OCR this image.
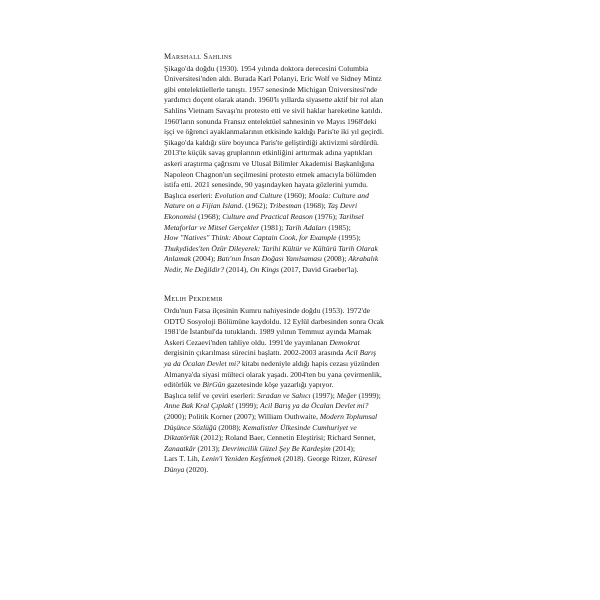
Marshall Sahlins
Şikago'da doğdu (1930). 1954 yılında doktora derecesini Columbia
Üniversitesi'nden aldı. Burada Karl Polanyi, Eric Wolf ve Sidney Mintz
gibi entelektüellerle tanıştı. 1957 senesinde Michigan Üniversitesi'nde
yardımcı doçent olarak atandı. 1960'lı yıllarda siyasette aktif bir rol alan
Sahlins Vietnam Savaşı'nı protesto etti ve sivil haklar hareketine katıldı.
1960'ların sonunda Fransız entelektüel sahnesinin ve Mayıs 1968'deki
işçi ve öğrenci ayaklanmalarının etkisinde kaldığı Paris'te iki yıl geçirdi.
Şikago'da kaldığı süre boyunca Paris'te geliştirdiği aktivizmi sürdürdü.
2013'te küçük savaş gruplarının etkinliğini arttırmak adına yaptıkları
askeri araştırma çağrısını ve Ulusal Bilimler Akademisi Başkanlığına
Napoleon Chagnon'un seçilmesini protesto etmek amacıyla bölümden
istifa etti. 2021 senesinde, 90 yaşındayken hayata gözlerini yumdu.
Başlıca eserleri: Evolution and Culture (1960); Moala: Culture and
Nature on a Fijian Island. (1962); Tribesman (1968); Taş Devri
Ekonomisi (1968); Culture and Practical Reason (1976); Tarihsel
Metaforlar ve Mitsel Gerçekler (1981); Tarih Adaları (1985);
How "Natives" Think: About Captain Cook, for Example (1995);
Thukydides'ten Özür Dileyerek: Tarihi Kültür ve Kültürü Tarih Olarak
Anlamak (2004); Batı'nın İnsan Doğası Yanılsaması (2008); Akrabalık
Nedir, Ne Değildir? (2014), On Kings (2017, David Graeber'la).
Melih Pekdemir
Ordu'nun Fatsa ilçesinin Kumru nahiyesinde doğdu (1953). 1972'de
ODTÜ Sosyoloji Bölümüne kaydoldu. 12 Eylül darbesinden sonra Ocak
1981'de İstanbul'da tutuklandı. 1989 yılının Temmuz ayında Mamak
Askeri Cezaevi'nden tahliye oldu. 1991'de yayınlanan Demokrat
dergisinin çıkarılması sürecini başlattı. 2002-2003 arasında Acil Barış
ya da Öcalan Devlet mi? kitabı nedeniyle aldığı hapis cezası yüzünden
Almanya'da siyasi mülteci olarak yaşadı. 2004'ten bu yana çevirmenlik,
editörlük ve BirGün gazetesinde köşe yazarlığı yapıyor.
Başlıca telif ve çeviri eserleri: Sıradan ve Sahıcı (1997); Meğer (1999);
Anne Bak Kral Çıplak! (1999); Acil Barış ya da Öcalan Devlet mi?
(2000); Politik Korner (2007); William Outhwaite, Modern Toplumsal
Düşünce Sözlüğü (2008); Kemalistler Ülkesinde Cumhuriyet ve
Diktatörlük (2012); Roland Baer, Cennetin Eleştirisi; Richard Sennet,
Zanaatkâr (2013); Devrimcilik Güzel Şey Be Kardeşim (2014);
Lars T. Lih, Lenin'i Yeniden Keşfetmek (2018). George Ritzer, Küresel
Dünya (2020).
